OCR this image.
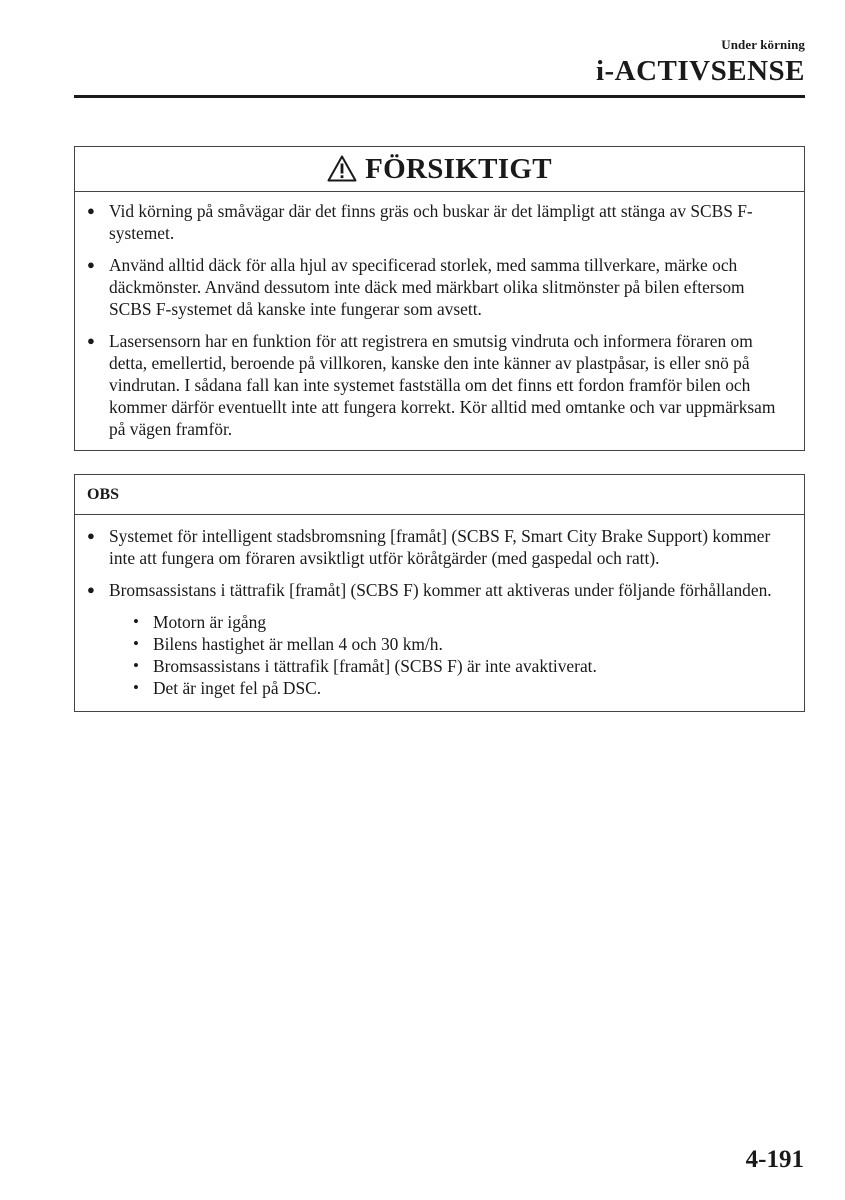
Under körning
i-ACTIVSENSE
FÖRSIKTIGT
● Vid körning på småvägar där det finns gräs och buskar är det lämpligt att stänga av SCBS F-systemet.
● Använd alltid däck för alla hjul av specificerad storlek, med samma tillverkare, märke och däckmönster. Använd dessutom inte däck med märkbart olika slitmönster på bilen eftersom SCBS F-systemet då kanske inte fungerar som avsett.
● Lasersensorn har en funktion för att registrera en smutsig vindruta och informera föraren om detta, emellertid, beroende på villkoren, kanske den inte känner av plastpåsar, is eller snö på vindrutan. I sådana fall kan inte systemet fastställa om det finns ett fordon framför bilen och kommer därför eventuellt inte att fungera korrekt. Kör alltid med omtanke och var uppmärksam på vägen framför.
OBS
● Systemet för intelligent stadsbromsning [framåt] (SCBS F, Smart City Brake Support) kommer inte att fungera om föraren avsiktligt utför köråtgärder (med gaspedal och ratt).
● Bromsassistans i tättrafik [framåt] (SCBS F) kommer att aktiveras under följande förhållanden.
• Motorn är igång
• Bilens hastighet är mellan 4 och 30 km/h.
• Bromsassistans i tättrafik [framåt] (SCBS F) är inte avaktiverat.
• Det är inget fel på DSC.
4-191
